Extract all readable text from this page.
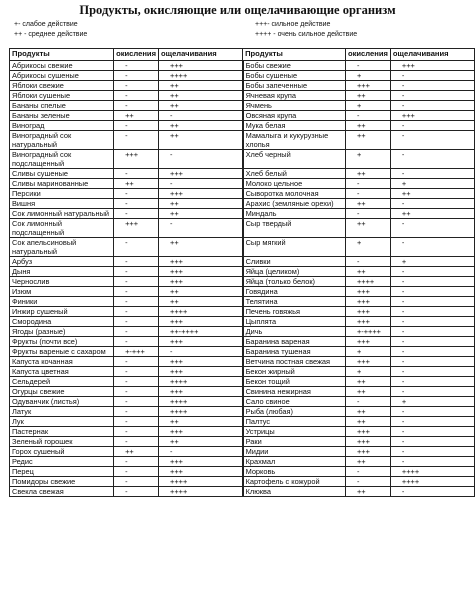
Продукты, окисляющие или ощелачивающие организм
+- слабое действие
++ - среднее действие
+++- сильное действие
++++ - очень сильное действие
Продукты	окисления	ощелачивания	Продукты	окисления	ощелачивания
Абрикосы свежие	-	+++	Бобы свежие	-	+++
Абрикосы сушеные	-	++++	Бобы сушеные	+	-
Яблоки свежие	-	++	Бобы запеченные	+++	-
Яблоки сушеные	-	++	Ячневая крупа	++	-
Бананы спелые	-	++	Ячмень	+	-
Бананы зеленые	++	-	Овсяная крупа	-	+++
Виноград	-	++	Мука белая	++	-
Виноградный сок натуральный	-	++	Мамалыга и кукурузные хлопья	++	-
Виноградный сок подслащенный	+++	-	Хлеб черный	+	-
Сливы сушеные	-	+++	Хлеб белый	++	-
Сливы маринованные	++	-	Молоко цельное	-	+
Персики	-	+++	Сыворотка молочная	-	++
Вишня	-	++	Арахис (земляные орехи)	++	-
Сок лимонный натуральный	-	++	Миндаль	-	++
Сок лимонный подслащенный	+++	-	Сыр твердый	++	-
Сок апельсиновый натуральный	-	++	Сыр мягкий	+	-
Арбуз	-	+++	Сливки	-	+
Дыня	-	+++	Яйца (целиком)	++	-
Чернослив	-	+++	Яйца (только белок)	++++	-
Изюм	-	++	Говядина	+++	-
Финики	-	++	Телятина	+++	-
Инжир сушеный	-	++++	Печень говяжья	+++	-
Смородина	-	+++	Цыплята	+++	-
Ягоды (разные)	-	++-++++	Дичь	+-++++	-
Фрукты (почти все)	-	+++	Баранина вареная	+++	-
Фрукты вареные с сахаром	+-+++	-	Баранина тушеная	+	-
Капуста кочанная	-	+++	Ветчина постная свежая	+++	-
Капуста цветная	-	+++	Бекон жирный	+	-
Сельдерей	-	++++	Бекон тощий	++	-
Огурцы свежие	-	+++	Свинина нежирная	++	-
Одуванчик (листья)	-	++++	Сало свиное	-	+
Латук	-	++++	Рыба (любая)	++	-
Лук	-	++	Палтус	++	-
Пастернак	-	+++	Устрицы	+++	-
Зеленый горошек	-	++	Раки	+++	-
Горох сушеный	++	-	Мидии	+++	-
Редис	-	+++	Крахмал	++	-
Перец	-	+++	Морковь	-	++++
Помидоры свежие	-	++++	Картофель с кожурой	-	++++
Свекла свежая	-	++++	Клюква	++	-
